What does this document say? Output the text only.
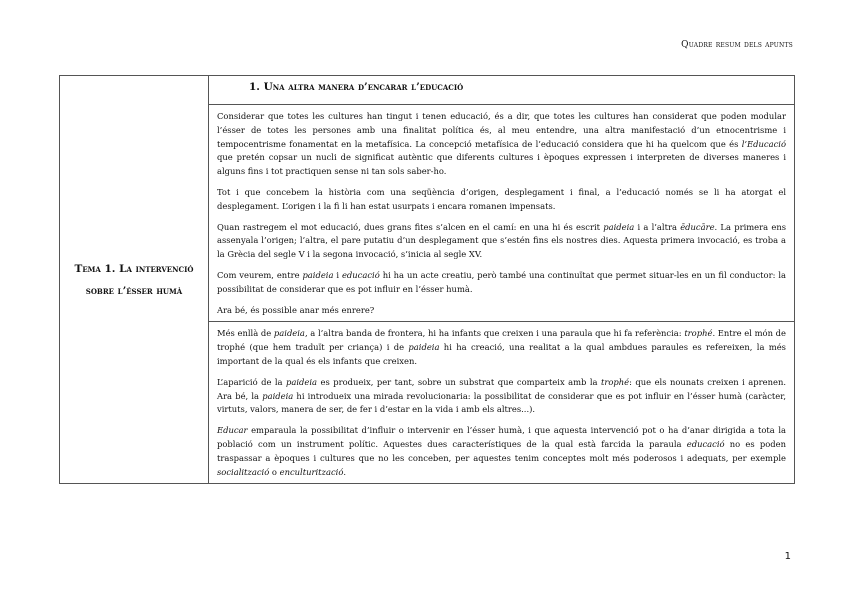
Quadre resum dels apunts
Tema 1. La intervenció
sobre l’ésser humà
	1. Una altra manera d’encarar l’educació

Considerar que totes les cultures han tingut i tenen educació, és a dir, que totes les cultures han considerat que poden modular l’ésser de totes les persones amb una finalitat política és, al meu entendre, una altra manifestació d’un etnocentrisme i tempocentrisme fonamentat en la metafísica. La concepció metafísica de l’educació considera que hi ha quelcom que és l’Educació que pretén copsar un nucli de significat autèntic que diferents cultures i èpoques expressen i interpreten de diverses maneres i alguns fins i tot practiquen sense ni tan sols saber-ho.

Tot i que concebem la història com una seqüència d’origen, desplegament i final, a l’educació només se li ha atorgat el desplegament. L’origen i la fi li han estat usurpats i encara romanen impensats.

Quan rastregem el mot educació, dues grans fites s’alcen en el camí: en una hi és escrit paideia i a l’altra ēducāre. La primera ens assenyala l’origen; l’altra, el pare putatiu d’un desplegament que s’estén fins els nostres dies. Aquesta primera invocació, es troba a la Grècia del segle V i la segona invocació, s’inicia al segle XV.

Com veurem, entre paideia i educació hi ha un acte creatiu, però també una continuïtat que permet situar-les en un fil conductor: la possibilitat de considerar que es pot influir en l’ésser humà.

Ara bé, és possible anar més enrere?

Més enllà de paideia, a l’altra banda de frontera, hi ha infants que creixen i una paraula que hi fa referència: trophé. Entre el món de trophé (que hem traduït per criança) i de paideia hi ha creació, una realitat a la qual ambdues paraules es refereixen, la més important de la qual és els infants que creixen.

L’aparició de la paideia es produeix, per tant, sobre un substrat que comparteix amb la trophé: que els nounats creixen i aprenen. Ara bé, la paideia hi introdueix una mirada revolucionaria: la possibilitat de considerar que es pot influir en l’ésser humà (caràcter, virtuts, valors, manera de ser, de fer i d’estar en la vida i amb els altres...).

Educar emparaula la possibilitat d’influir o intervenir en l’ésser humà, i que aquesta intervenció pot o ha d’anar dirigida a tota la població com un instrument polític. Aquestes dues característiques de la qual està farcida la paraula educació no es poden traspassar a èpoques i cultures que no les conceben, per aquestes tenim conceptes molt més poderosos i adequats, per exemple socialització o enculturització.

1
